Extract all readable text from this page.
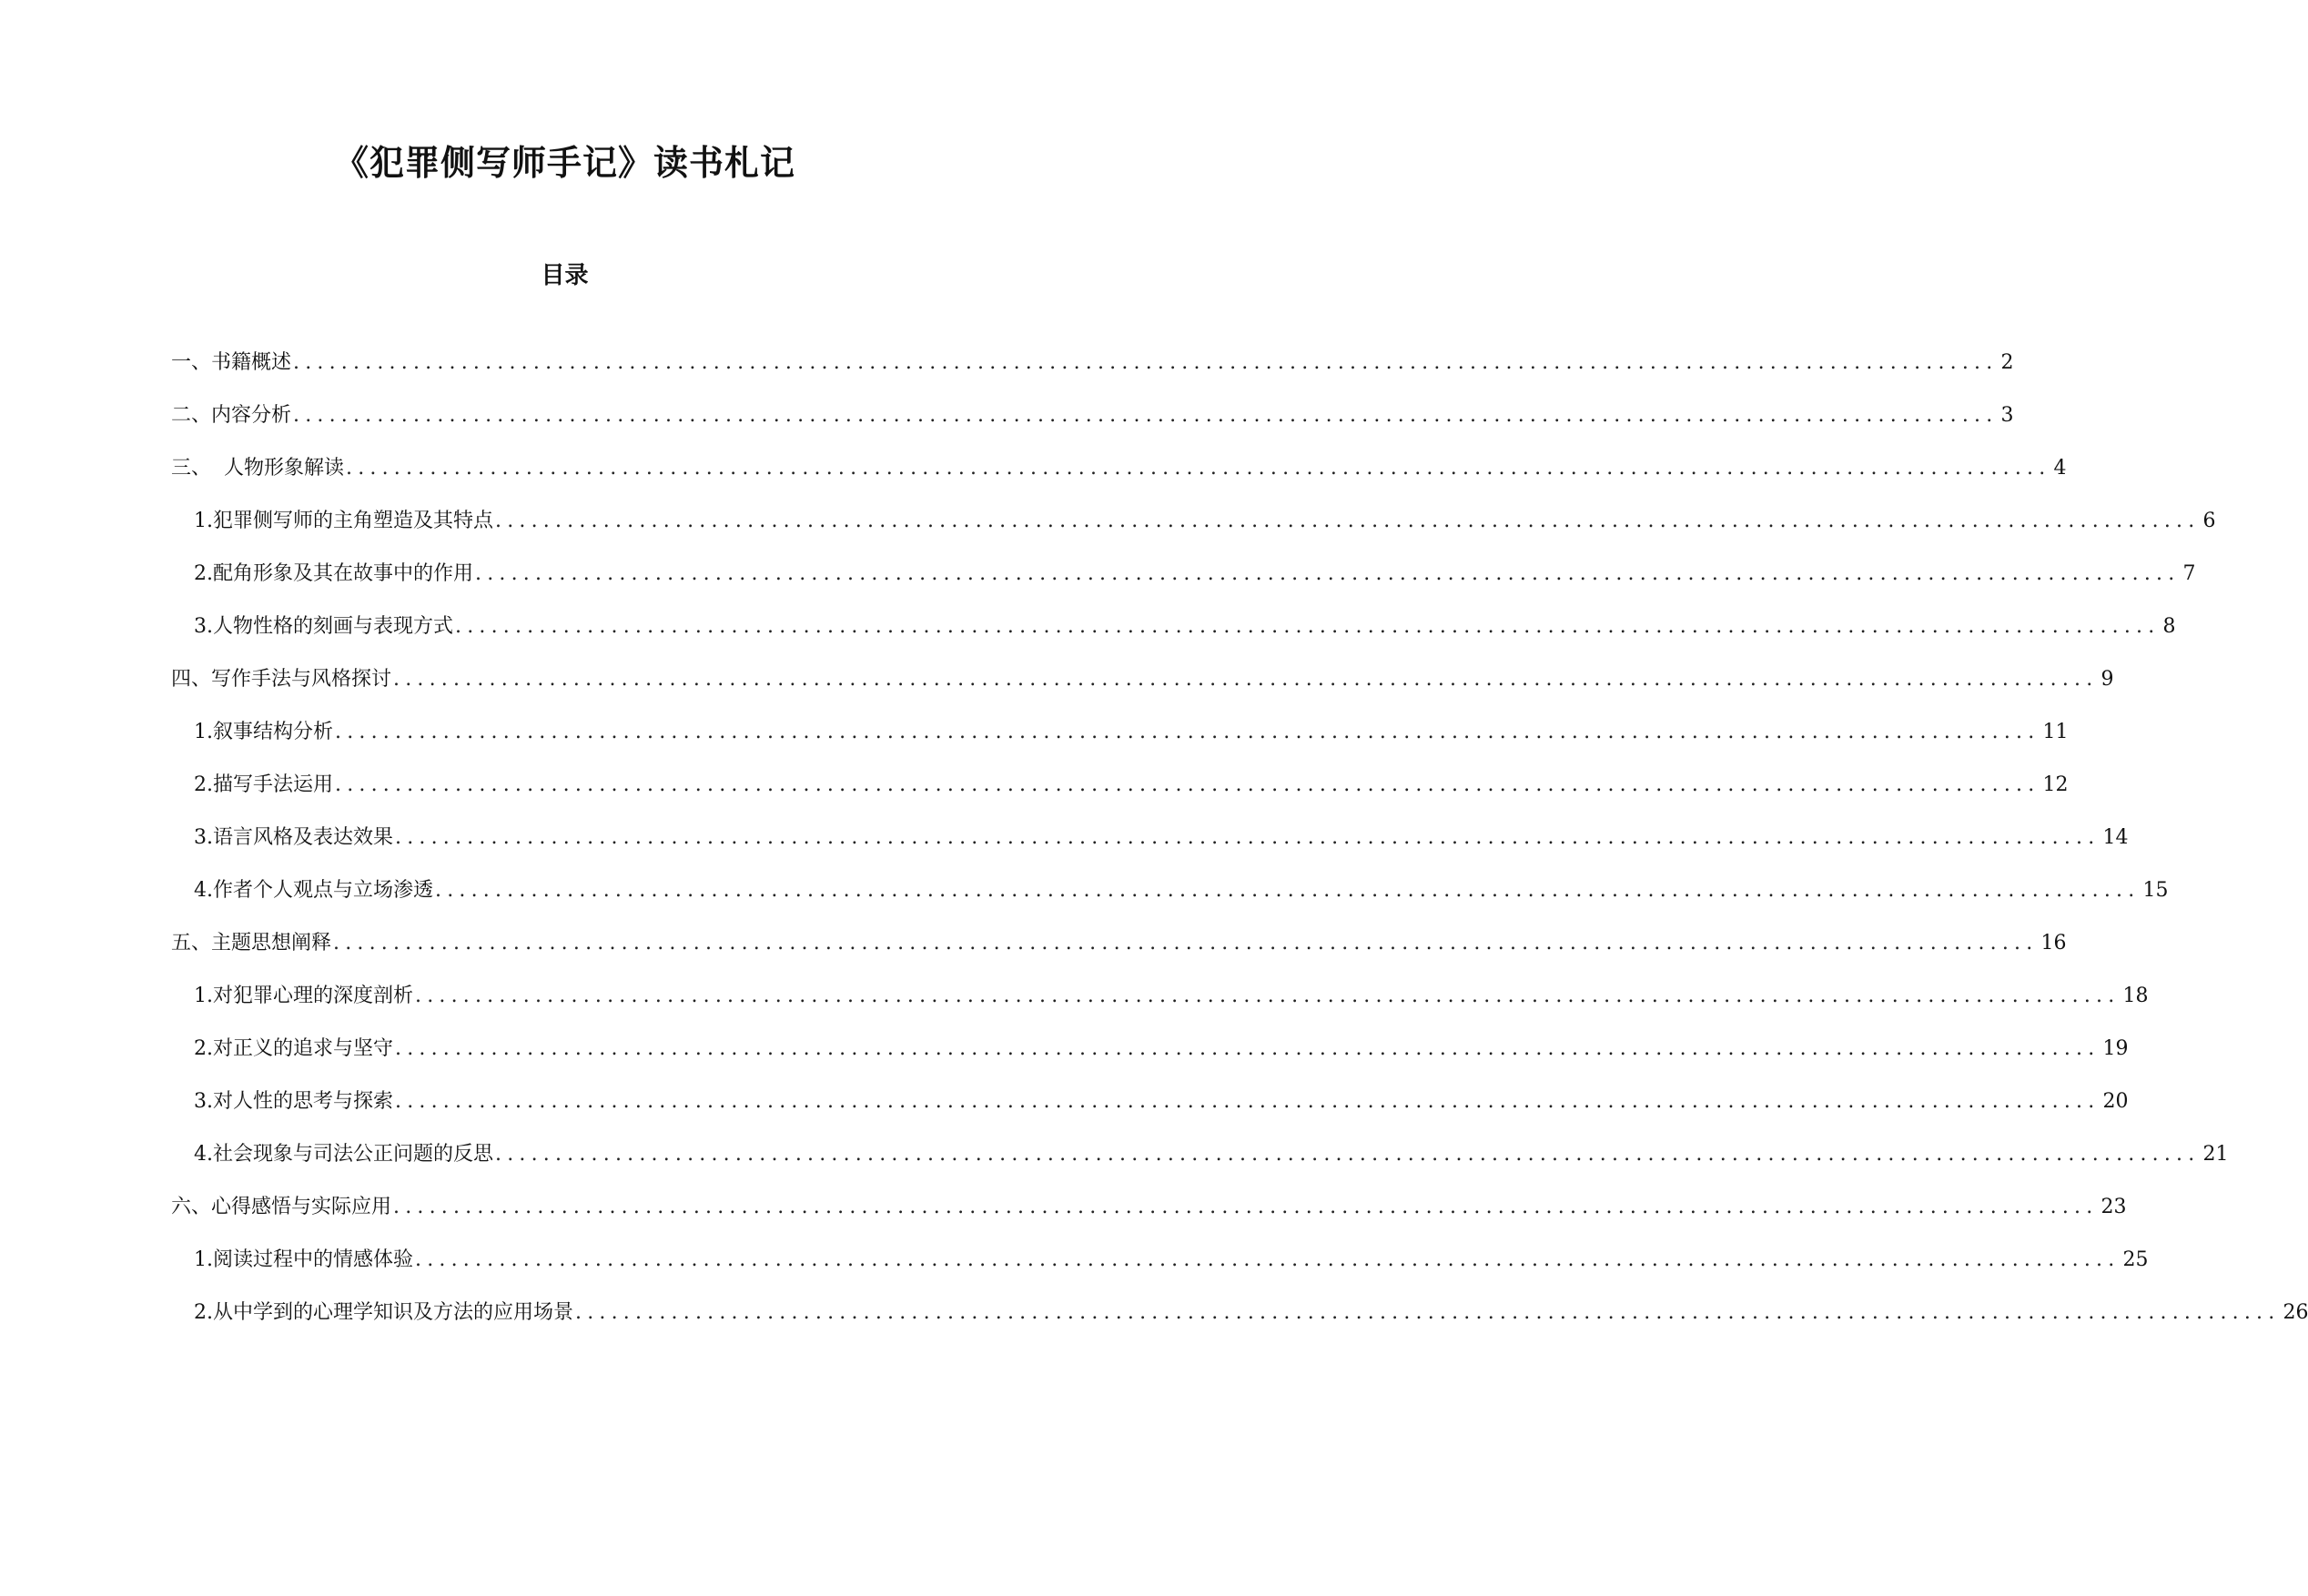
《犯罪侧写师手记》读书札记
目录
一、书籍概述 .............................................................................................................................................. 2
二、内容分析 .............................................................................................................................................. 3
三、  人物形象解读 .............................................................................................................................................. 4
1. 犯罪侧写师的主角塑造及其特点 .............................................................................................................................................. 6
2. 配角形象及其在故事中的作用 .............................................................................................................................................. 7
3. 人物性格的刻画与表现方式 .............................................................................................................................................. 8
四、写作手法与风格探讨 .............................................................................................................................................. 9
1. 叙事结构分析 .............................................................................................................................................. 11
2. 描写手法运用 .............................................................................................................................................. 12
3. 语言风格及表达效果 .............................................................................................................................................. 14
4. 作者个人观点与立场渗透 .............................................................................................................................................. 15
五、主题思想阐释 .............................................................................................................................................. 16
1. 对犯罪心理的深度剖析 .............................................................................................................................................. 18
2. 对正义的追求与坚守 .............................................................................................................................................. 19
3. 对人性的思考与探索 .............................................................................................................................................. 20
4. 社会现象与司法公正问题的反思 .............................................................................................................................................. 21
六、心得感悟与实际应用 .............................................................................................................................................. 23
1. 阅读过程中的情感体验 .............................................................................................................................................. 25
2. 从中学到的心理学知识及方法的应用场景 .............................................................................................................................................. 26
